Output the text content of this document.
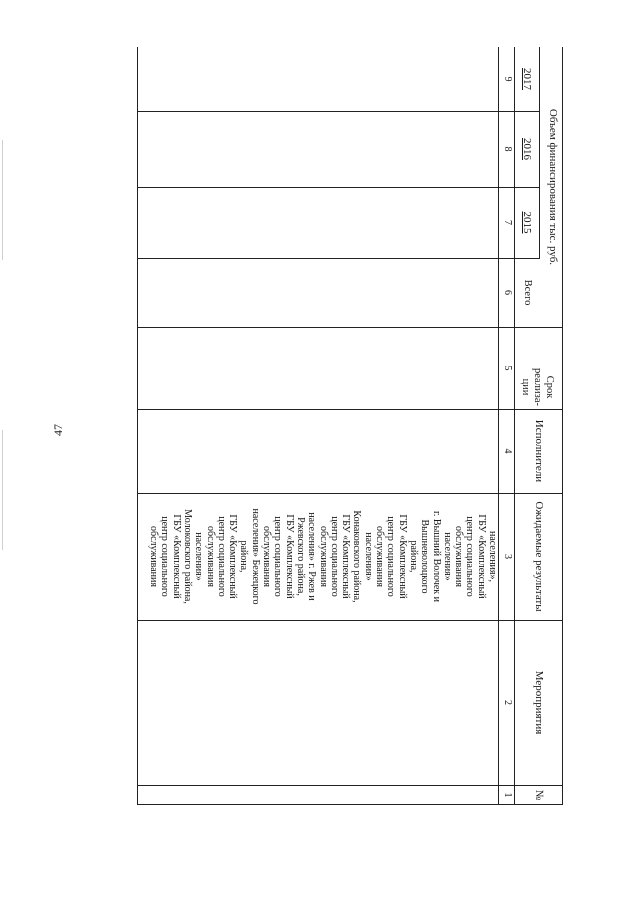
47
Объем финансирования тыс. руб.
2017
2016
2015
Всего
Срок реализа-ции
Исполнители
Ожидаемые результаты
Мероприятия
№
9
8
7
6
5
4
3
2
1
населения»,
ГБУ «Комплексный
центр социального
обслуживания
населения»
г. Вышний Волочек и
Вышневолоцкого
района,
ГБУ «Комплексный
центр социального
обслуживания
населения»
Конаковского района,
ГБУ «Комплексный
центр социального
обслуживания
населения» г. Ржев и
Ржевского района,
ГБУ «Комплексный
центр социального
обслуживания
населения» Бежецкого
района,
ГБУ «Комплексный
центр социального
обслуживания
населения»
Молоковского района,
ГБУ «Комплексный
центр социального
обслуживания
